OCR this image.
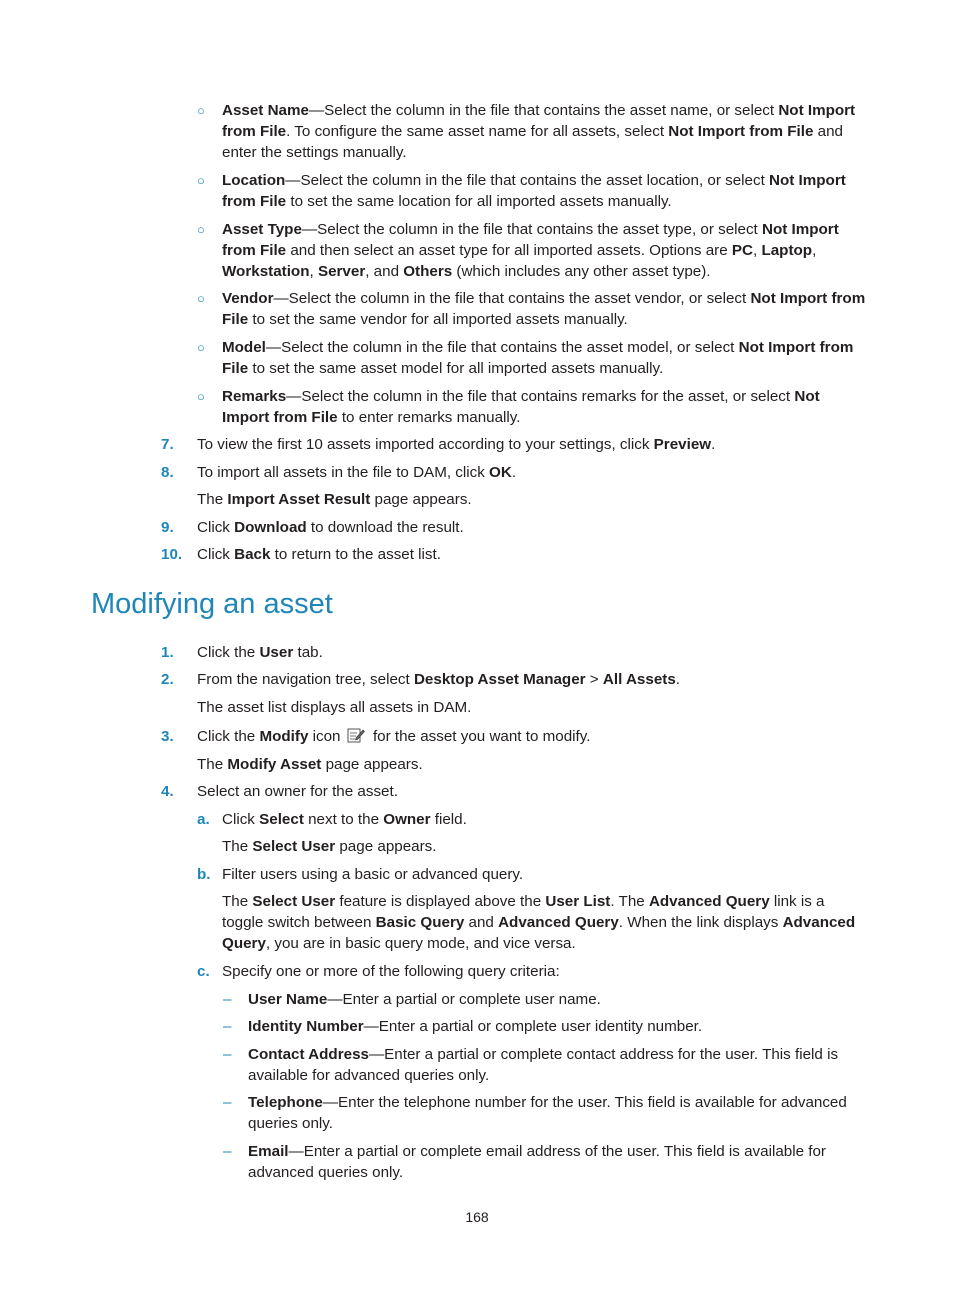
○ Asset Name—Select the column in the file that contains the asset name, or select Not Import from File. To configure the same asset name for all assets, select Not Import from File and enter the settings manually.
○ Location—Select the column in the file that contains the asset location, or select Not Import from File to set the same location for all imported assets manually.
○ Asset Type—Select the column in the file that contains the asset type, or select Not Import from File and then select an asset type for all imported assets. Options are PC, Laptop, Workstation, Server, and Others (which includes any other asset type).
○ Vendor—Select the column in the file that contains the asset vendor, or select Not Import from File to set the same vendor for all imported assets manually.
○ Model—Select the column in the file that contains the asset model, or select Not Import from File to set the same asset model for all imported assets manually.
○ Remarks—Select the column in the file that contains remarks for the asset, or select Not Import from File to enter remarks manually.
7. To view the first 10 assets imported according to your settings, click Preview.
8. To import all assets in the file to DAM, click OK.
The Import Asset Result page appears.
9. Click Download to download the result.
10. Click Back to return to the asset list.
Modifying an asset
1. Click the User tab.
2. From the navigation tree, select Desktop Asset Manager > All Assets.
The asset list displays all assets in DAM.
3. Click the Modify icon  for the asset you want to modify.
The Modify Asset page appears.
4. Select an owner for the asset.
a. Click Select next to the Owner field.
The Select User page appears.
b. Filter users using a basic or advanced query.
The Select User feature is displayed above the User List. The Advanced Query link is a toggle switch between Basic Query and Advanced Query. When the link displays Advanced Query, you are in basic query mode, and vice versa.
c. Specify one or more of the following query criteria:
– User Name—Enter a partial or complete user name.
– Identity Number—Enter a partial or complete user identity number.
– Contact Address—Enter a partial or complete contact address for the user. This field is available for advanced queries only.
– Telephone—Enter the telephone number for the user. This field is available for advanced queries only.
– Email—Enter a partial or complete email address of the user. This field is available for advanced queries only.
168
